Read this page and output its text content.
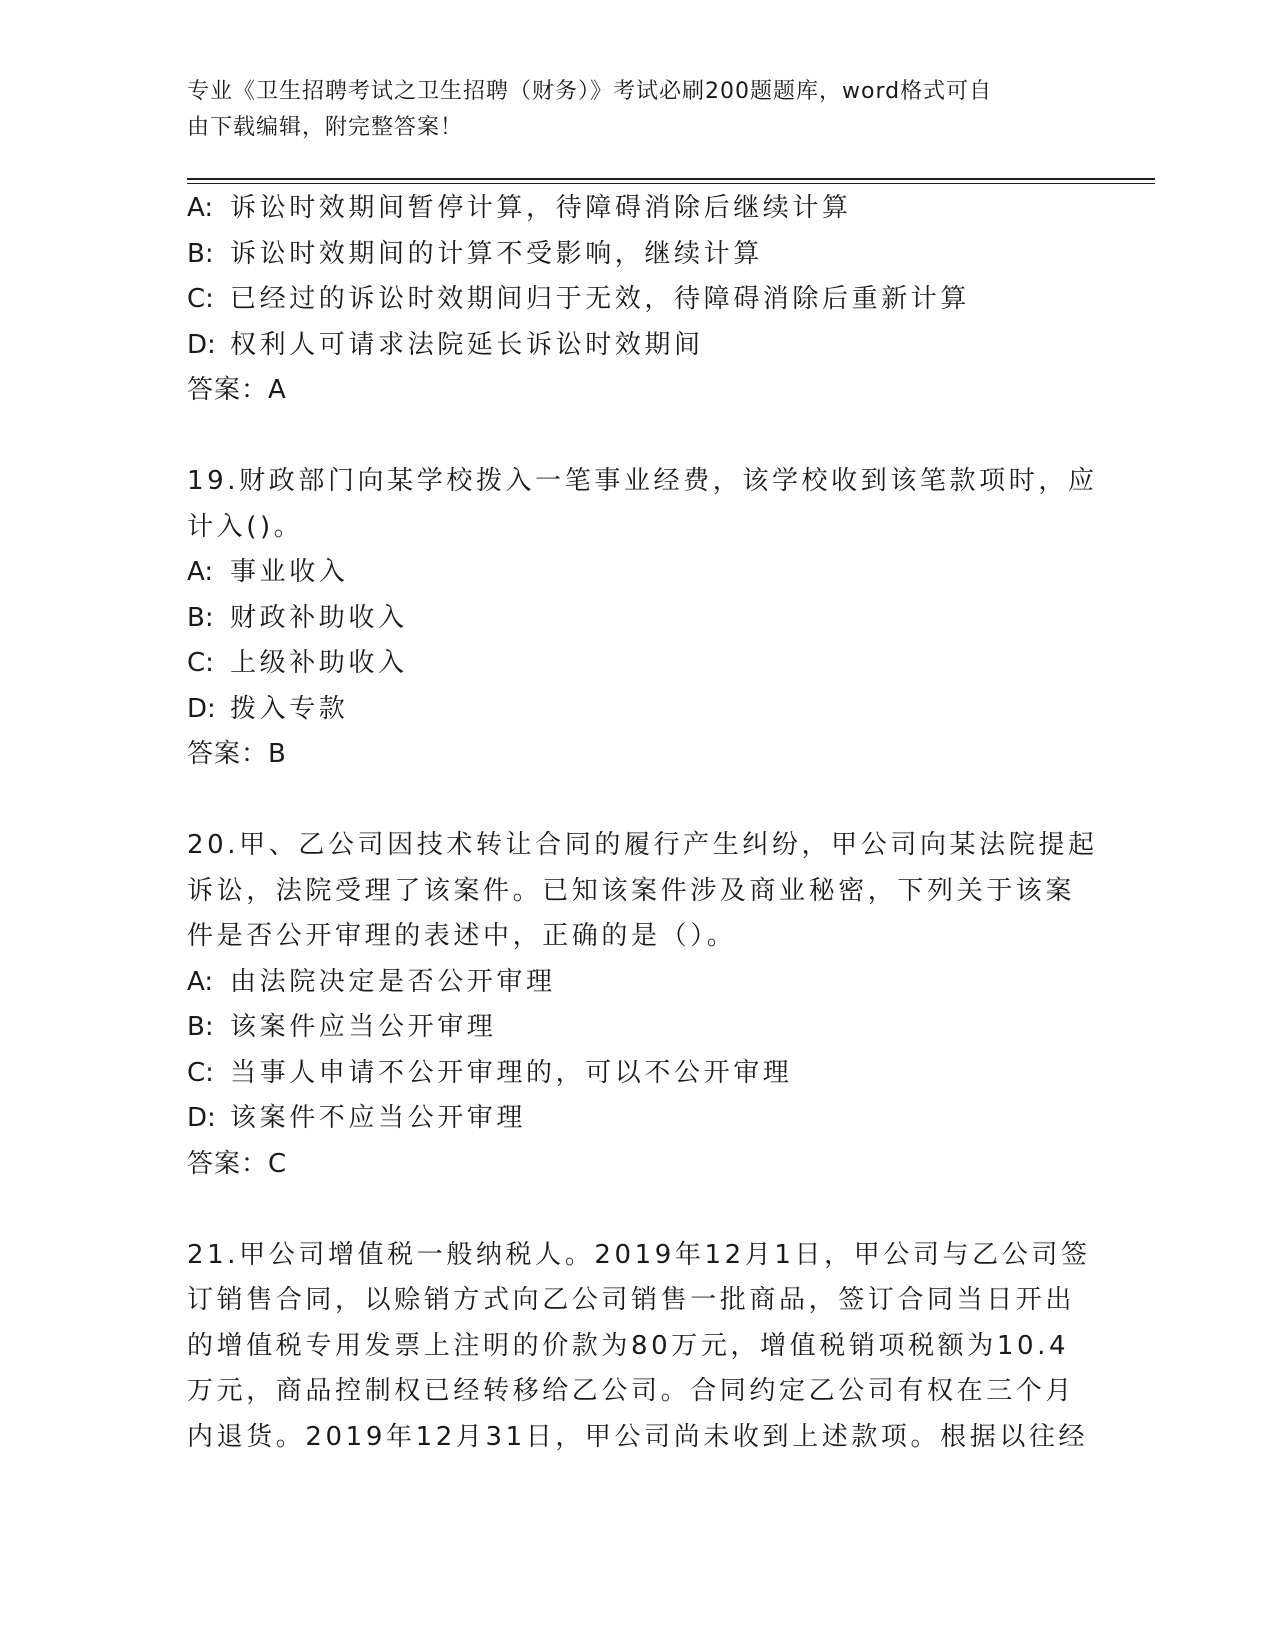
专业《卫生招聘考试之卫生招聘（财务）》考试必刷200题题库，word格式可自
由下载编辑，附完整答案！
A: 诉讼时效期间暂停计算，待障碍消除后继续计算
B: 诉讼时效期间的计算不受影响，继续计算
C: 已经过的诉讼时效期间归于无效，待障碍消除后重新计算
D: 权利人可请求法院延长诉讼时效期间
答案：A
19.财政部门向某学校拨入一笔事业经费，该学校收到该笔款项时，应
计入()。
A: 事业收入
B: 财政补助收入
C: 上级补助收入
D: 拨入专款
答案：B
20.甲、乙公司因技术转让合同的履行产生纠纷，甲公司向某法院提起
诉讼，法院受理了该案件。已知该案件涉及商业秘密，下列关于该案
件是否公开审理的表述中，正确的是（）。
A: 由法院决定是否公开审理
B: 该案件应当公开审理
C: 当事人申请不公开审理的，可以不公开审理
D: 该案件不应当公开审理
答案：C
21.甲公司增值税一般纳税人。2019年12月1日，甲公司与乙公司签
订销售合同，以赊销方式向乙公司销售一批商品，签订合同当日开出
的增值税专用发票上注明的价款为80万元，增值税销项税额为10.4
万元，商品控制权已经转移给乙公司。合同约定乙公司有权在三个月
内退货。2019年12月31日，甲公司尚未收到上述款项。根据以往经
